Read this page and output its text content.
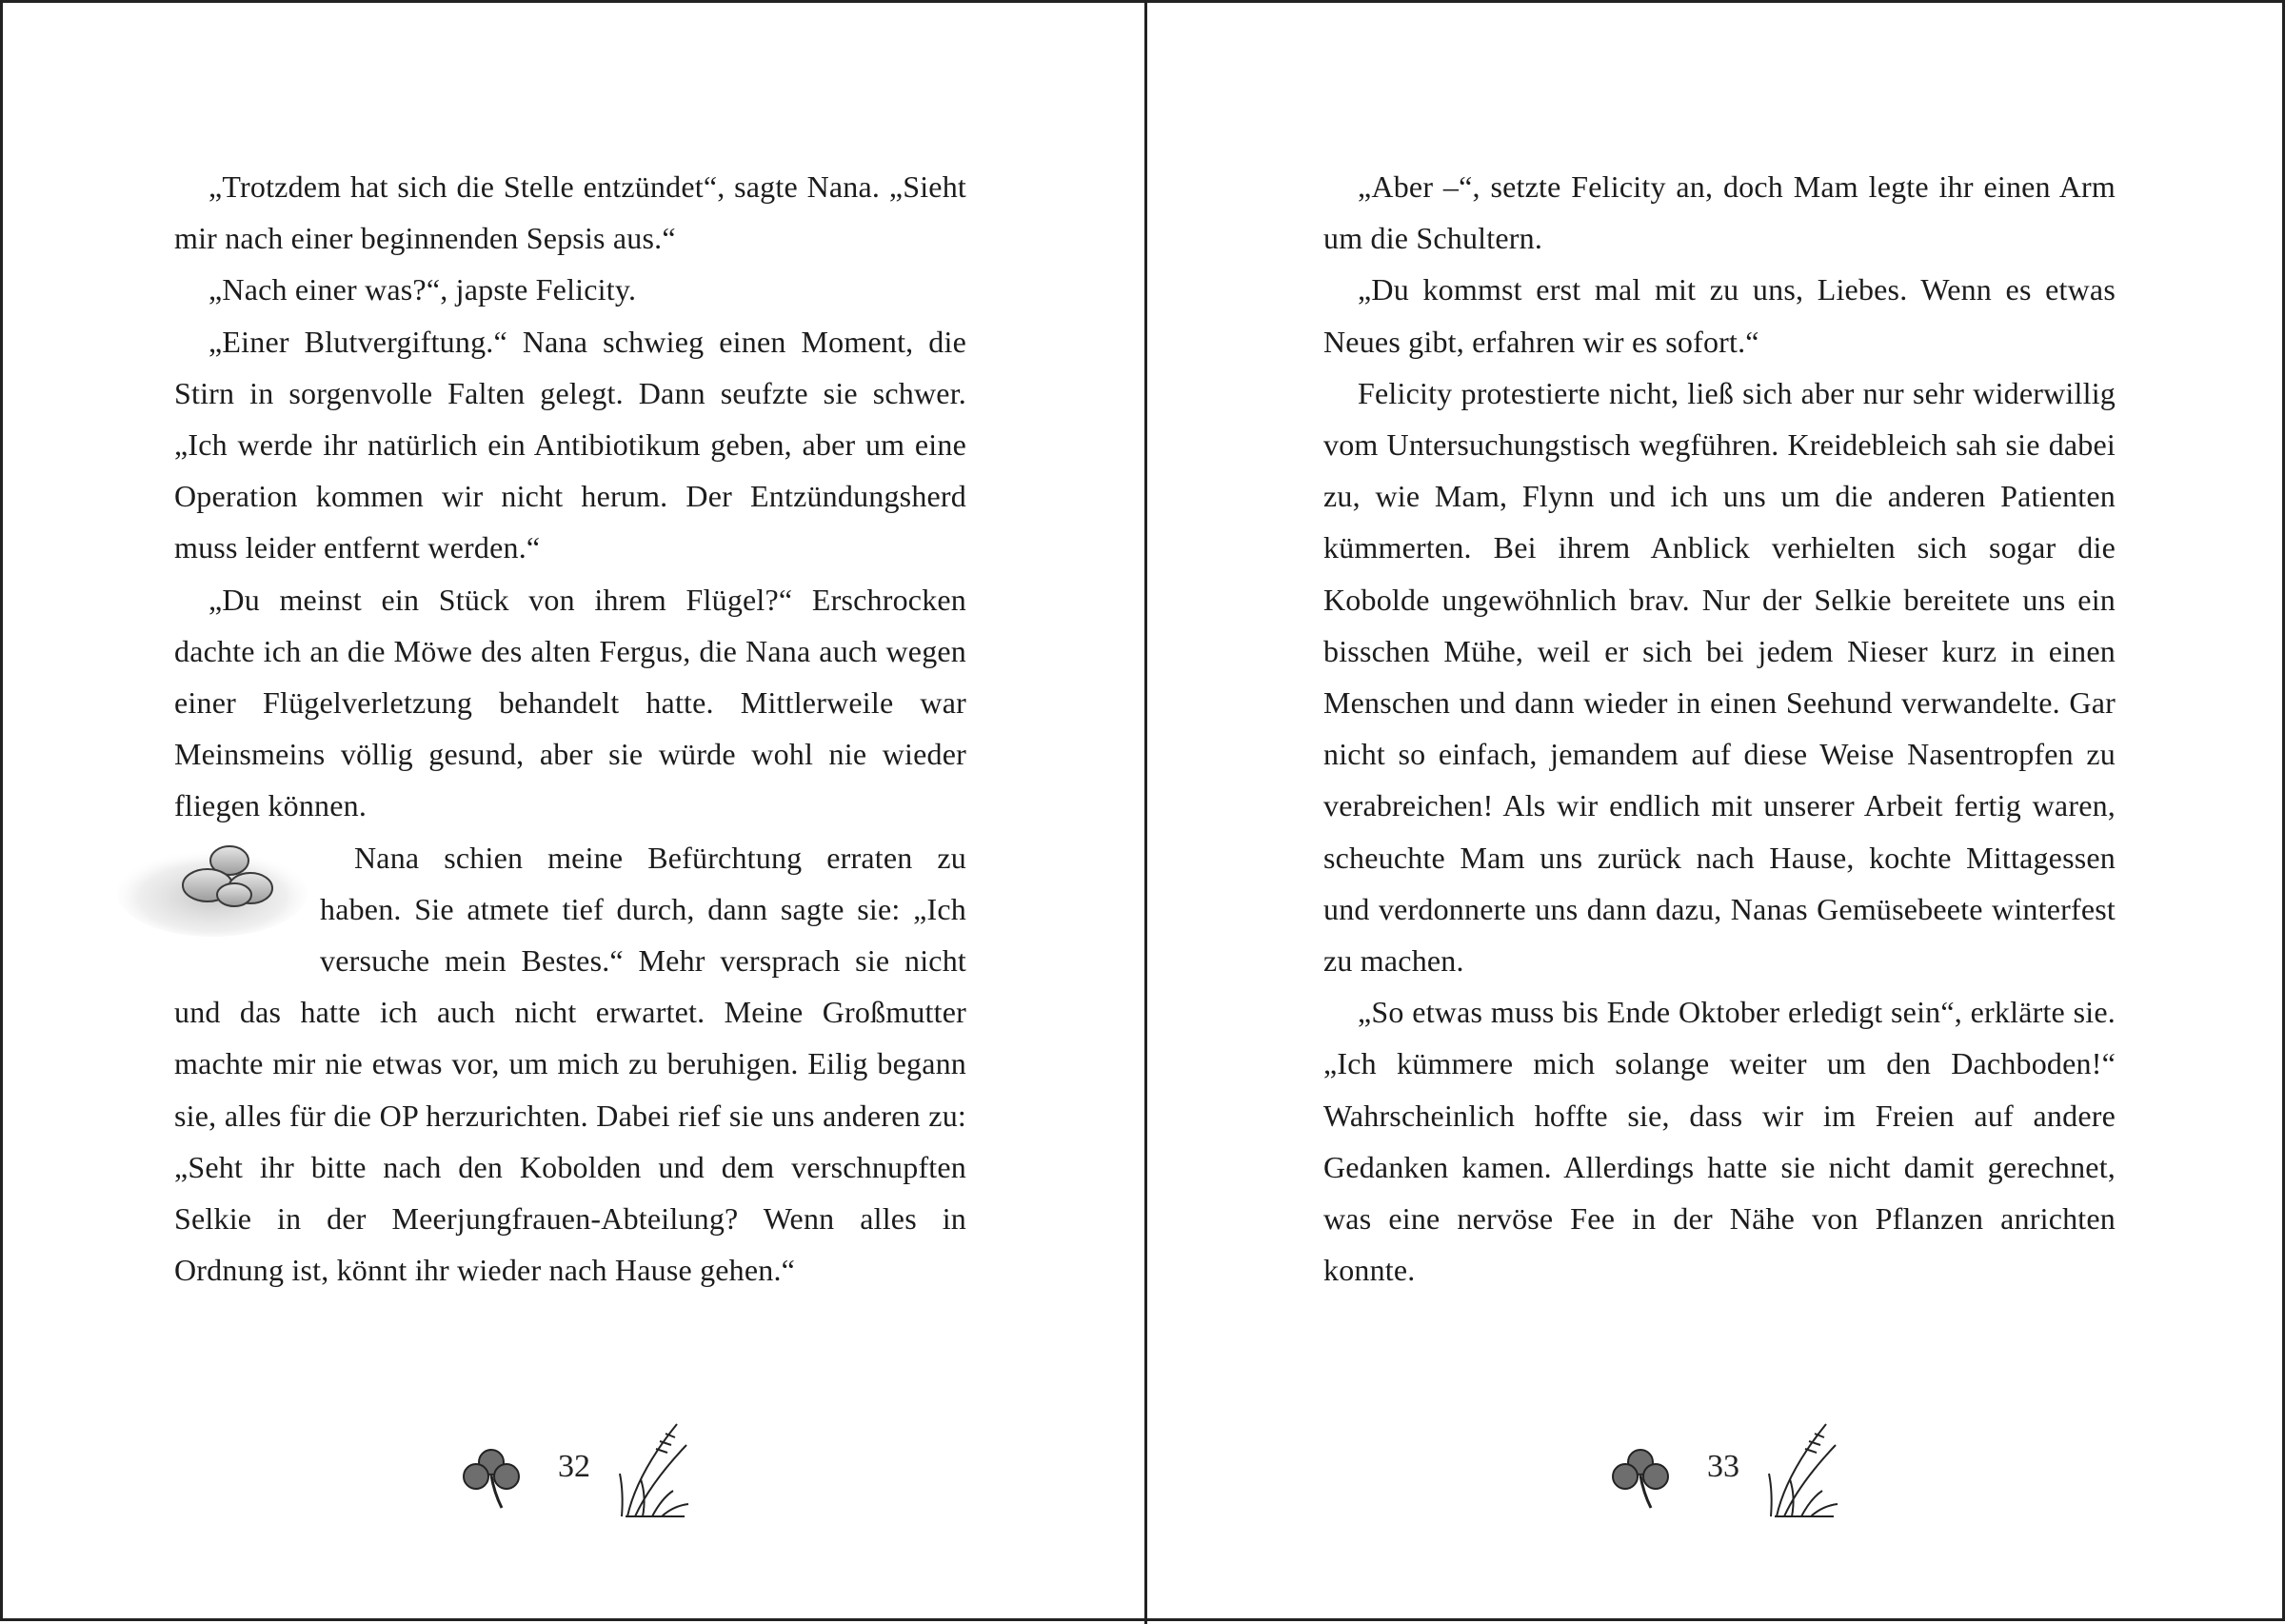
„Trotzdem hat sich die Stelle entzündet“, sagte Nana. „Sieht mir nach einer beginnenden Sepsis aus.“

„Nach einer was?“, japste Felicity.

„Einer Blutvergiftung.“ Nana schwieg einen Moment, die Stirn in sorgenvolle Falten gelegt. Dann seufzte sie schwer. „Ich werde ihr natürlich ein Antibiotikum geben, aber um eine Operation kommen wir nicht herum. Der Entzündungsherd muss leider entfernt werden.“

„Du meinst ein Stück von ihrem Flügel?“ Erschrocken dachte ich an die Möwe des alten Fergus, die Nana auch wegen einer Flügelverletzung behandelt hatte. Mittlerweile war Meinsmeins völlig gesund, aber sie würde wohl nie wieder fliegen können.

Nana schien meine Befürchtung erraten zu haben. Sie atmete tief durch, dann sagte sie: „Ich versuche mein Bestes.“ Mehr versprach sie nicht und das hatte ich auch nicht erwartet. Meine Großmutter machte mir nie etwas vor, um mich zu beruhigen. Eilig begann sie, alles für die OP herzurichten. Dabei rief sie uns anderen zu: „Seht ihr bitte nach den Kobolden und dem verschnupften Selkie in der Meerjungfrauen-Abteilung? Wenn alles in Ordnung ist, könnt ihr wieder nach Hause gehen.“

32

„Aber –“, setzte Felicity an, doch Mam legte ihr einen Arm um die Schultern.

„Du kommst erst mal mit zu uns, Liebes. Wenn es etwas Neues gibt, erfahren wir es sofort.“

Felicity protestierte nicht, ließ sich aber nur sehr widerwillig vom Untersuchungstisch wegführen. Kreidebleich sah sie dabei zu, wie Mam, Flynn und ich uns um die anderen Patienten kümmerten. Bei ihrem Anblick verhielten sich sogar die Kobolde ungewöhnlich brav. Nur der Selkie bereitete uns ein bisschen Mühe, weil er sich bei jedem Nieser kurz in einen Menschen und dann wieder in einen Seehund verwandelte. Gar nicht so einfach, jemandem auf diese Weise Nasentropfen zu verabreichen! Als wir endlich mit unserer Arbeit fertig waren, scheuchte Mam uns zurück nach Hause, kochte Mittagessen und verdonnerte uns dann dazu, Nanas Gemüsebeete winterfest zu machen.

„So etwas muss bis Ende Oktober erledigt sein“, erklärte sie. „Ich kümmere mich solange weiter um den Dachboden!“ Wahrscheinlich hoffte sie, dass wir im Freien auf andere Gedanken kamen. Allerdings hatte sie nicht damit gerechnet, was eine nervöse Fee in der Nähe von Pflanzen anrichten konnte.

33
